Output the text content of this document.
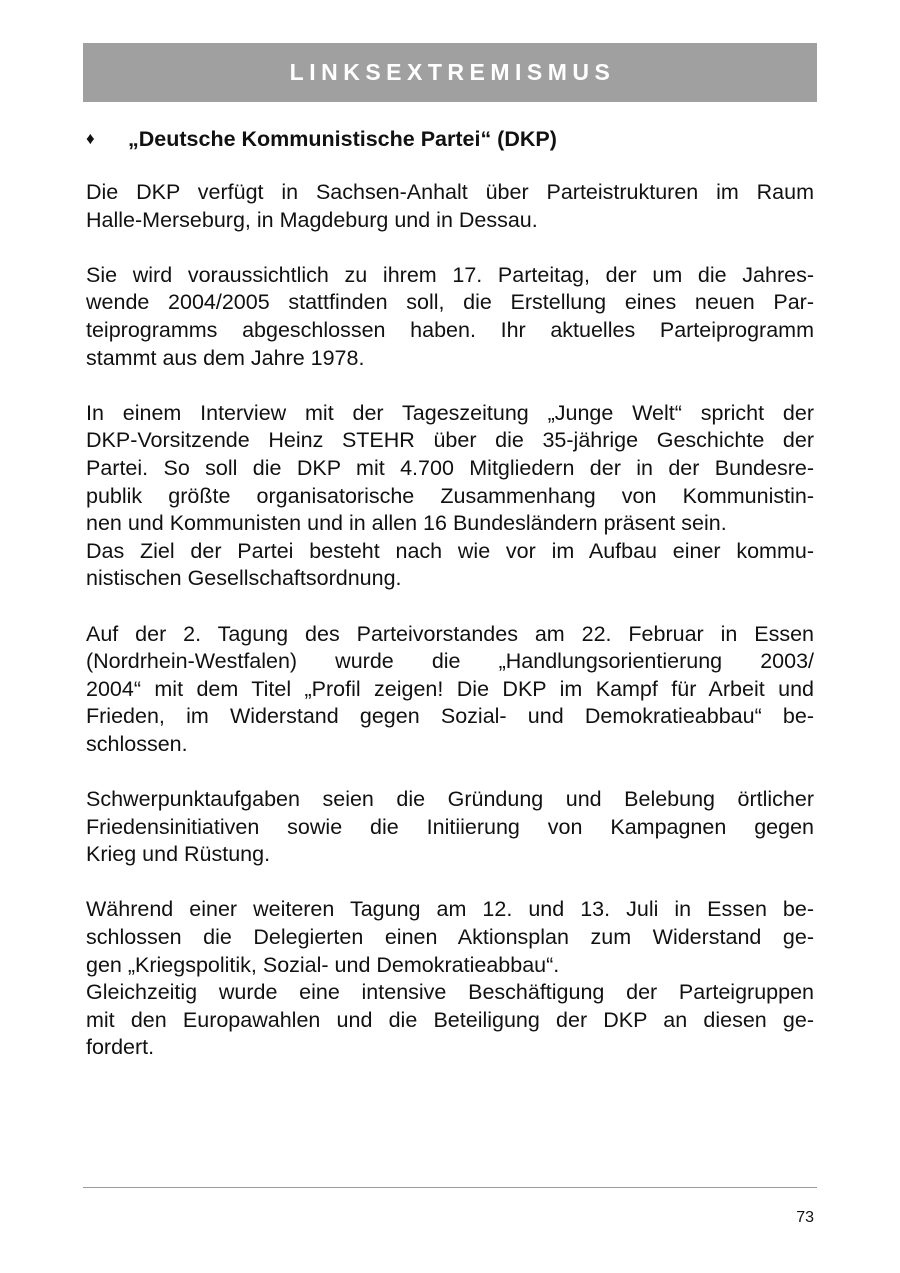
LINKSEXTREMISMUS
♦	„Deutsche Kommunistische Partei“ (DKP)

Die DKP verfügt in Sachsen-Anhalt über Parteistrukturen im Raum
Halle-Merseburg, in Magdeburg und in Dessau.

Sie wird voraussichtlich zu ihrem 17. Parteitag, der um die Jahres-
wende 2004/2005 stattfinden soll, die Erstellung eines neuen Par-
teiprogramms abgeschlossen haben. Ihr aktuelles Parteiprogramm
stammt aus dem Jahre 1978.

In einem Interview mit der Tageszeitung „Junge Welt“ spricht der
DKP-Vorsitzende Heinz STEHR über die 35-jährige Geschichte der
Partei. So soll die DKP mit 4.700 Mitgliedern der in der Bundesre-
publik größte organisatorische Zusammenhang von Kommunistin-
nen und Kommunisten und in allen 16 Bundesländern präsent sein.
Das Ziel der Partei besteht nach wie vor im Aufbau einer kommu-
nistischen Gesellschaftsordnung.

Auf der 2. Tagung des Parteivorstandes am 22. Februar in Essen
(Nordrhein-Westfalen) wurde die „Handlungsorientierung 2003/
2004“ mit dem Titel „Profil zeigen! Die DKP im Kampf für Arbeit und
Frieden, im Widerstand gegen Sozial- und Demokratieabbau“ be-
schlossen.

Schwerpunktaufgaben seien die Gründung und Belebung örtlicher
Friedensinitiativen sowie die Initiierung von Kampagnen gegen
Krieg und Rüstung.

Während einer weiteren Tagung am 12. und 13. Juli in Essen be-
schlossen die Delegierten einen Aktionsplan zum Widerstand ge-
gen „Kriegspolitik, Sozial- und Demokratieabbau“.
Gleichzeitig wurde eine intensive Beschäftigung der Parteigruppen
mit den Europawahlen und die Beteiligung der DKP an diesen ge-
fordert.

73
